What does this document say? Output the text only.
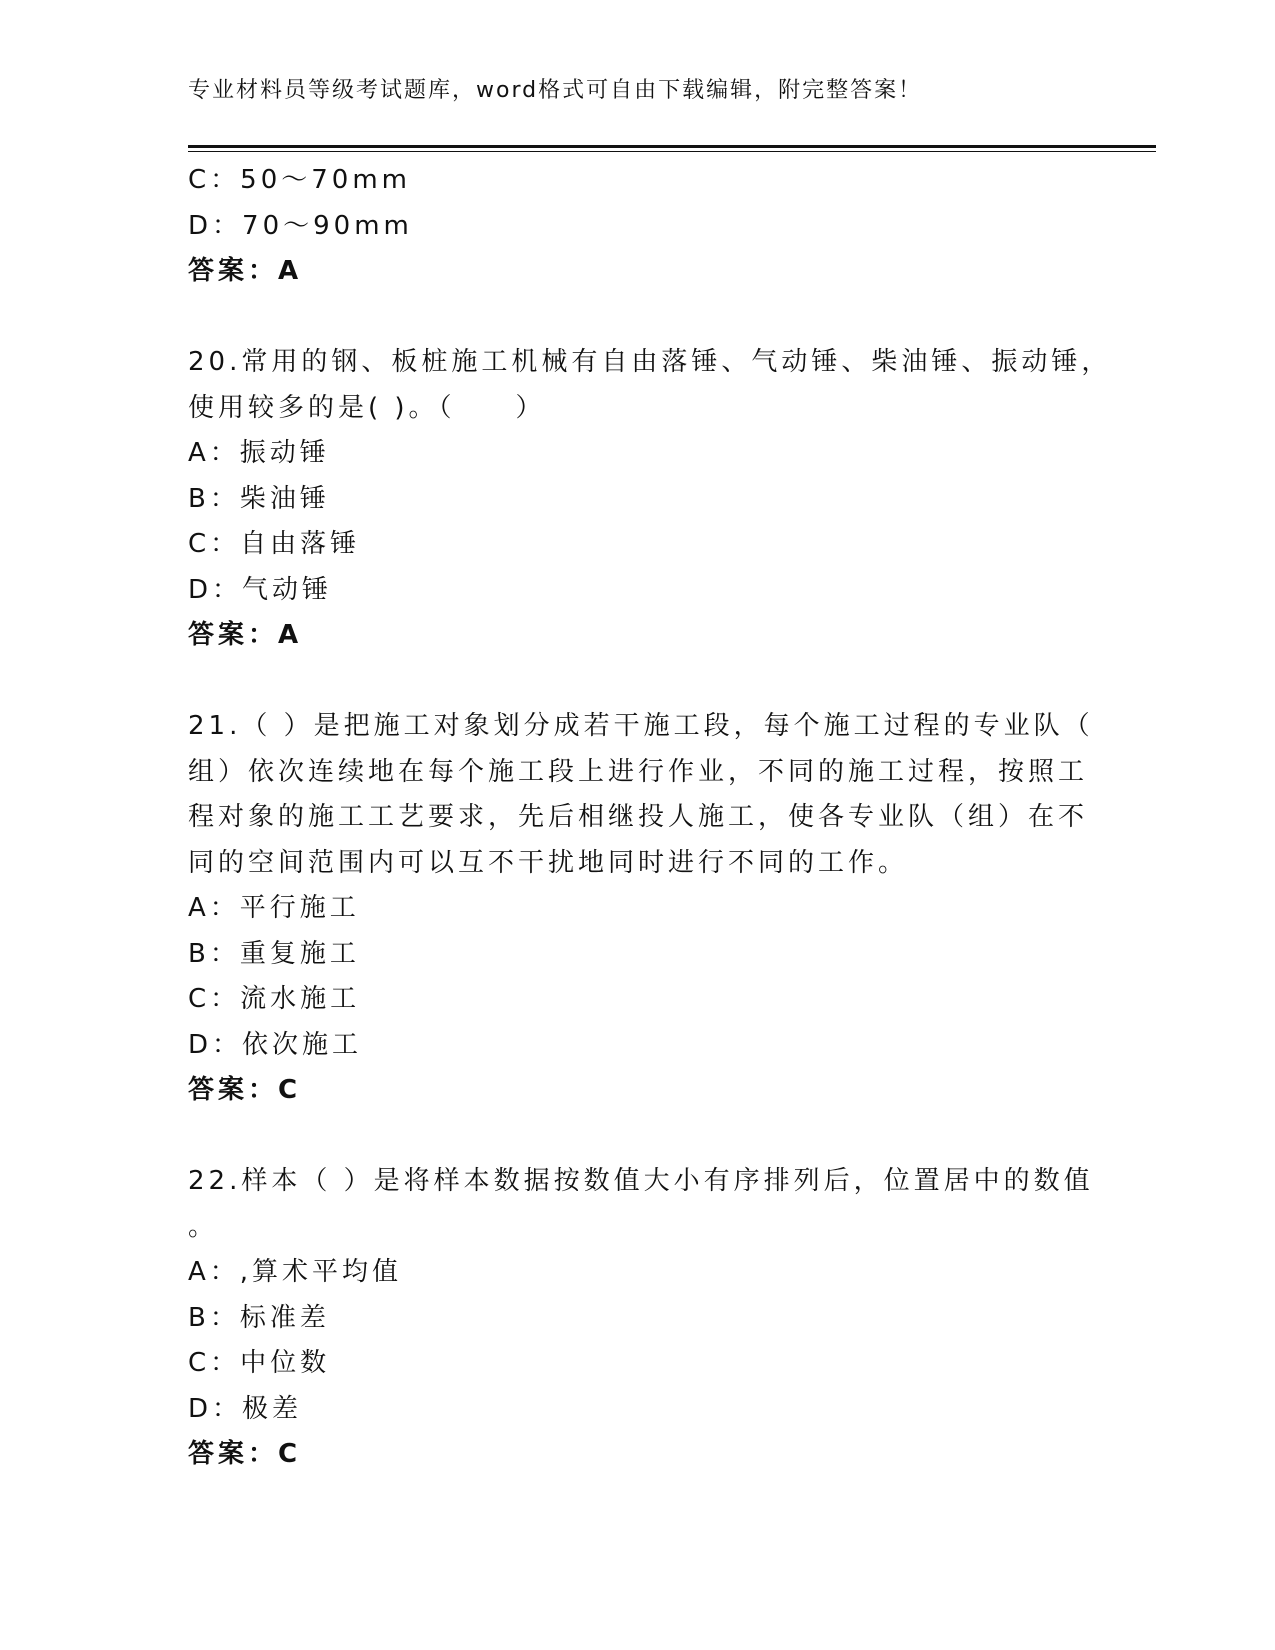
专业材料员等级考试题库，word格式可自由下载编辑，附完整答案！
C：50～70mm
D：70～90mm
答案：A
20.常用的钢、板桩施工机械有自由落锤、气动锤、柴油锤、振动锤，
使用较多的是( )。（　　）
A：振动锤
B：柴油锤
C：自由落锤
D：气动锤
答案：A
21.（ ）是把施工对象划分成若干施工段，每个施工过程的专业队（
组）依次连续地在每个施工段上进行作业，不同的施工过程，按照工
程对象的施工工艺要求，先后相继投人施工，使各专业队（组）在不
同的空间范围内可以互不干扰地同时进行不同的工作。
A：平行施工
B：重复施工
C：流水施工
D：依次施工
答案：C
22.样本（ ）是将样本数据按数值大小有序排列后，位置居中的数值
。
A：,算术平均值
B：标准差
C：中位数
D：极差
答案：C
